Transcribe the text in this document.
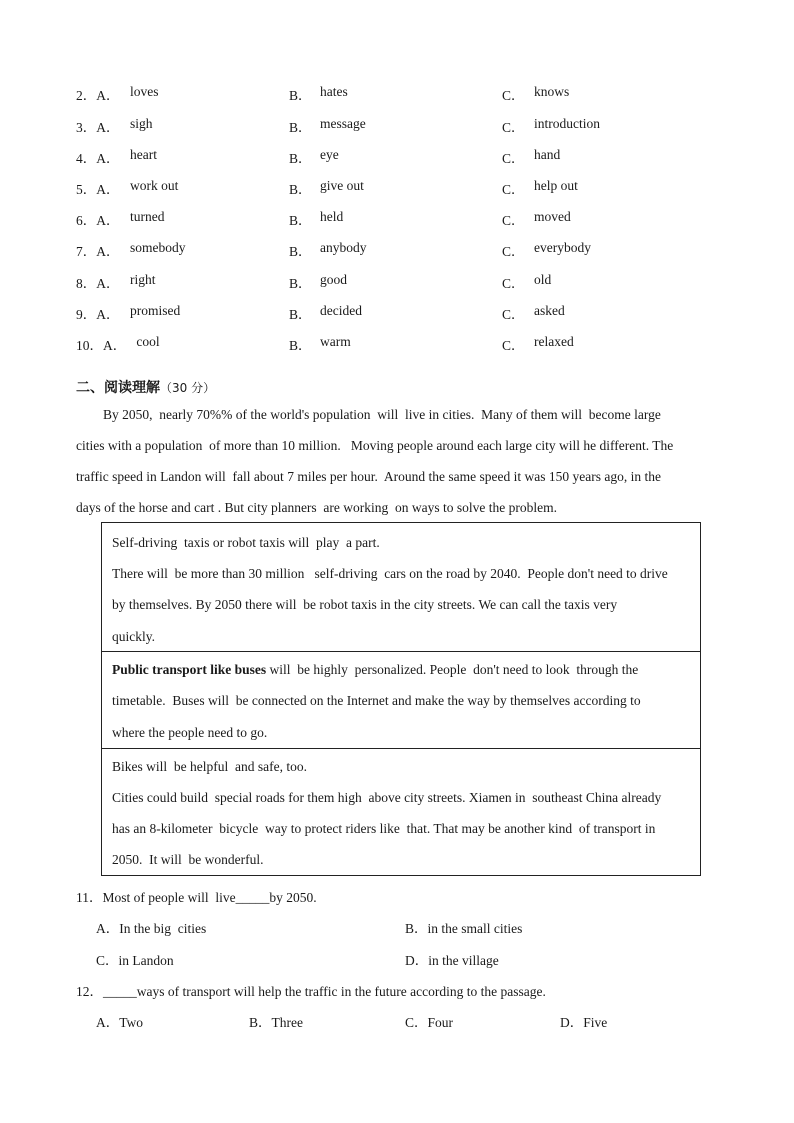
2．A． loves	B． hates	C． knows
3．A． sigh	B． message	C． introduction
4．A． heart	B． eye	C． hand
5．A． work out	B． give out	C． help out
6．A． turned	B． held	C． moved
7．A． somebody	B． anybody	C． everybody
8．A． right	B． good	C． old
9．A． promised	B． decided	C． asked
10．A． cool	B． warm	C． relaxed
二、阅读理解（30 分）
By 2050,  nearly 70%% of the world's population  will  live in cities.  Many of them will  become large
cities with a population  of more than 10 million.   Moving people around each large city will he different. The
traffic speed in Landon will  fall about 7 miles per hour.  Around the same speed it was 150 years ago, in the
days of the horse and cart . But city planners  are working  on ways to solve the problem.
Self-driving  taxis or robot taxis will  play  a part.
There will  be more than 30 million   self-driving  cars on the road by 2040.  People don't need to drive
by themselves. By 2050 there will  be robot taxis in the city streets. We can call the taxis very
quickly.
Public transport like buses will  be highly  personalized. People  don't need to look  through the
timetable.  Buses will  be connected on the Internet and make the way by themselves according to
where the people need to go.
Bikes will  be helpful  and safe, too.
Cities could build  special roads for them high  above city streets. Xiamen in  southeast China already
has an 8-kilometer  bicycle  way to protect riders like  that. That may be another kind  of transport in
2050.  It will  be wonderful.
11．Most of people will  live_____by 2050.
A．In the big  cities	B．in the small cities
C．in Landon	D．in the village
12．_____ways of transport will help the traffic in the future according to the passage.
A．Two	B．Three	C．Four	D．Five
